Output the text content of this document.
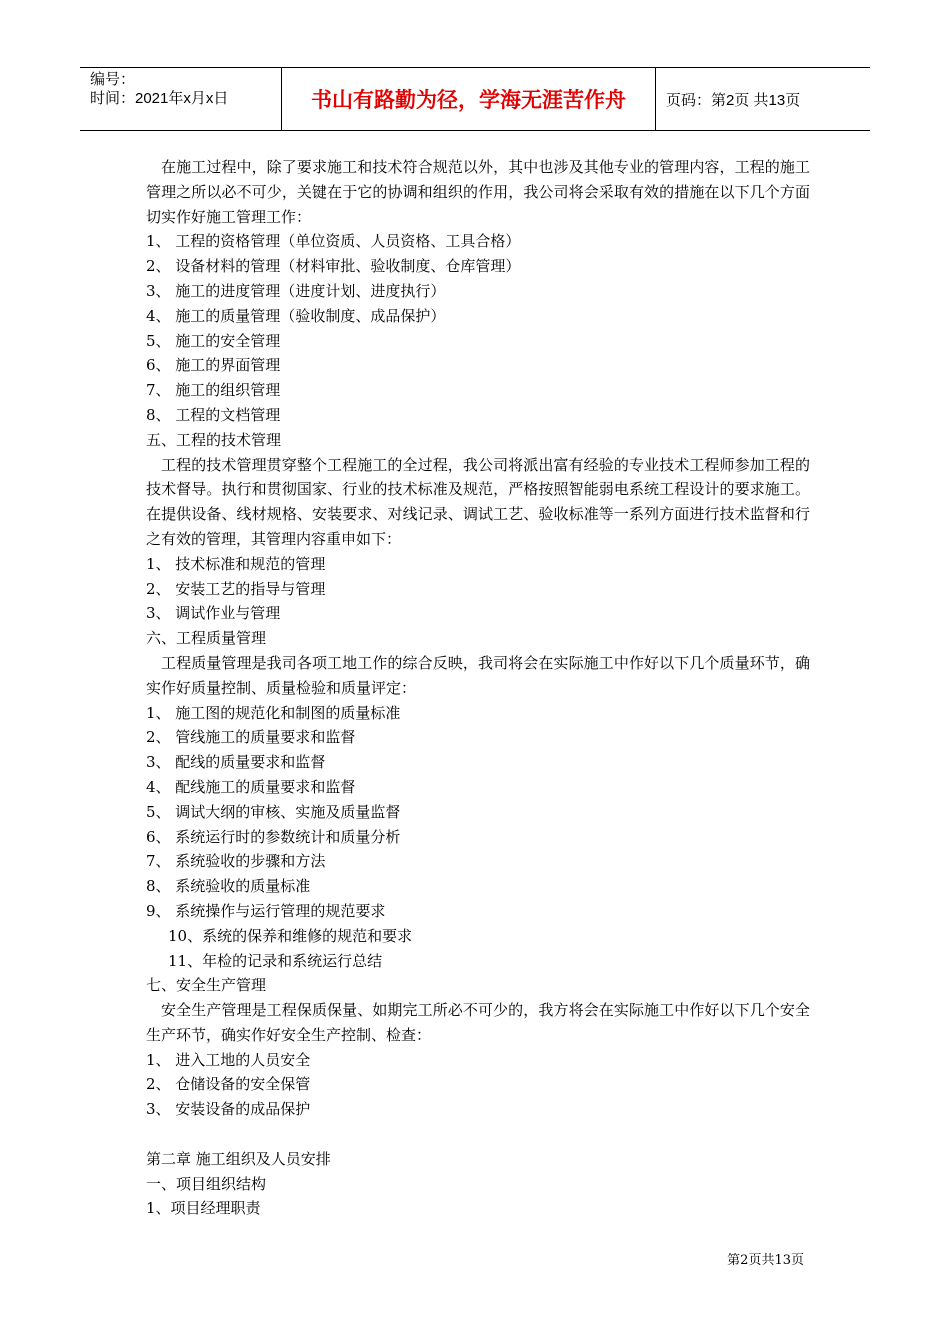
编号：
时间：2021年x月x日	书山有路勤为径，学海无涯苦作舟	页码：第2页 共13页
在施工过程中，除了要求施工和技术符合规范以外，其中也涉及其他专业的管理内容，工程的施工管理之所以必不可少，关键在于它的协调和组织的作用，我公司将会采取有效的措施在以下几个方面切实作好施工管理工作：
1、 工程的资格管理（单位资质、人员资格、工具合格）
2、 设备材料的管理（材料审批、验收制度、仓库管理）
3、 施工的进度管理（进度计划、进度执行）
4、 施工的质量管理（验收制度、成品保护）
5、 施工的安全管理
6、 施工的界面管理
7、 施工的组织管理
8、 工程的文档管理
五、工程的技术管理
工程的技术管理贯穿整个工程施工的全过程，我公司将派出富有经验的专业技术工程师参加工程的技术督导。执行和贯彻国家、行业的技术标准及规范，严格按照智能弱电系统工程设计的要求施工。在提供设备、线材规格、安装要求、对线记录、调试工艺、验收标准等一系列方面进行技术监督和行之有效的管理，其管理内容重申如下：
1、 技术标准和规范的管理
2、 安装工艺的指导与管理
3、 调试作业与管理
六、工程质量管理
工程质量管理是我司各项工地工作的综合反映，我司将会在实际施工中作好以下几个质量环节，确实作好质量控制、质量检验和质量评定：
1、 施工图的规范化和制图的质量标准
2、 管线施工的质量要求和监督
3、 配线的质量要求和监督
4、 配线施工的质量要求和监督
5、 调试大纲的审核、实施及质量监督
6、 系统运行时的参数统计和质量分析
7、 系统验收的步骤和方法
8、 系统验收的质量标准
9、 系统操作与运行管理的规范要求
10、系统的保养和维修的规范和要求
11、年检的记录和系统运行总结
七、安全生产管理
安全生产管理是工程保质保量、如期完工所必不可少的，我方将会在实际施工中作好以下几个安全生产环节，确实作好安全生产控制、检查：
1、 进入工地的人员安全
2、 仓储设备的安全保管
3、 安装设备的成品保护
第二章 施工组织及人员安排
一、项目组织结构
1、项目经理职责
第2页共13页
